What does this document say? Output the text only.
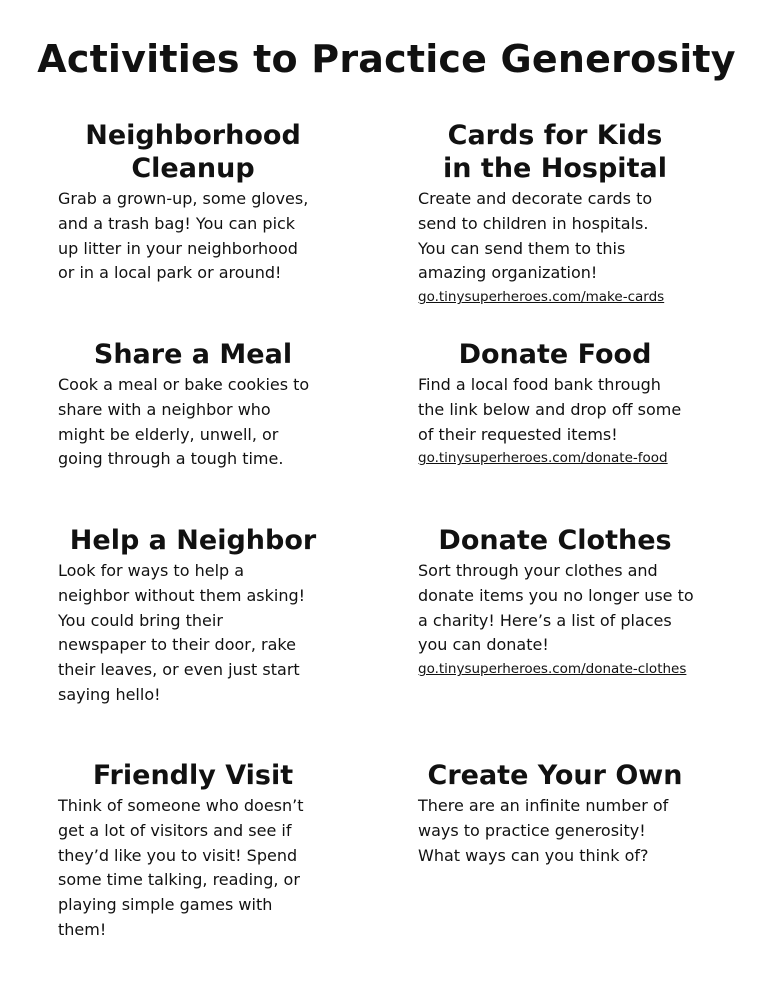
Activities to Practice Generosity
Neighborhood
Cleanup

Grab a grown-up, some gloves,
and a trash bag! You can pick
up litter in your neighborhood
or in a local park or around!

Cards for Kids
in the Hospital

Create and decorate cards to
send to children in hospitals.
You can send them to this
amazing organization!

go.tinysuperheroes.com/make-cards
Share a Meal

Cook a meal or bake cookies to
share with a neighbor who
might be elderly, unwell, or
going through a tough time.

Donate Food

Find a local food bank through
the link below and drop off some
of their requested items!

go.tinysuperheroes.com/donate-food
Help a Neighbor

Look for ways to help a
neighbor without them asking!
You could bring their
newspaper to their door, rake
their leaves, or even just start
saying hello!

Donate Clothes

Sort through your clothes and
donate items you no longer use to
a charity! Here’s a list of places
you can donate!

go.tinysuperheroes.com/donate-clothes
Friendly Visit

Think of someone who doesn’t
get a lot of visitors and see if
they’d like you to visit! Spend
some time talking, reading, or
playing simple games with
them!

Create Your Own

There are an infinite number of
ways to practice generosity!
What ways can you think of?
